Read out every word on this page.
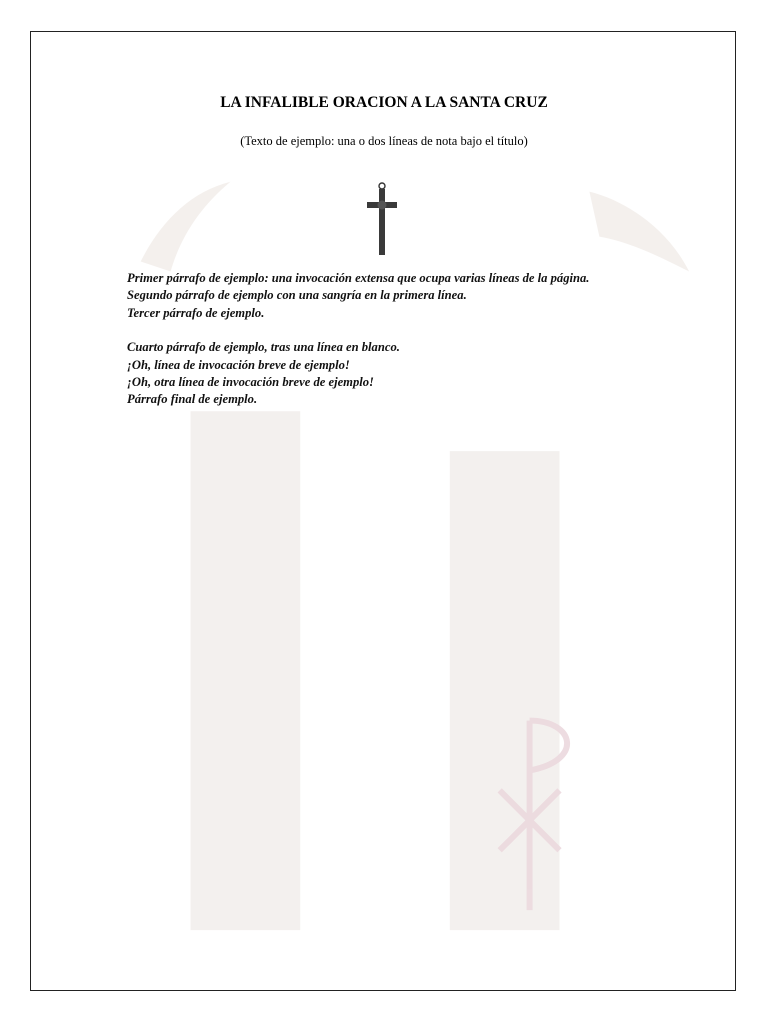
LA INFALIBLE ORACION A LA SANTA CRUZ
(Texto de ejemplo: una o dos líneas de nota bajo el título)

Primer párrafo de ejemplo: una invocación extensa que ocupa varias líneas de la página.

Segundo párrafo de ejemplo con una sangría en la primera línea.

Tercer párrafo de ejemplo.

Cuarto párrafo de ejemplo, tras una línea en blanco.

¡Oh, línea de invocación breve de ejemplo!

¡Oh, otra línea de invocación breve de ejemplo!

Párrafo final de ejemplo.
